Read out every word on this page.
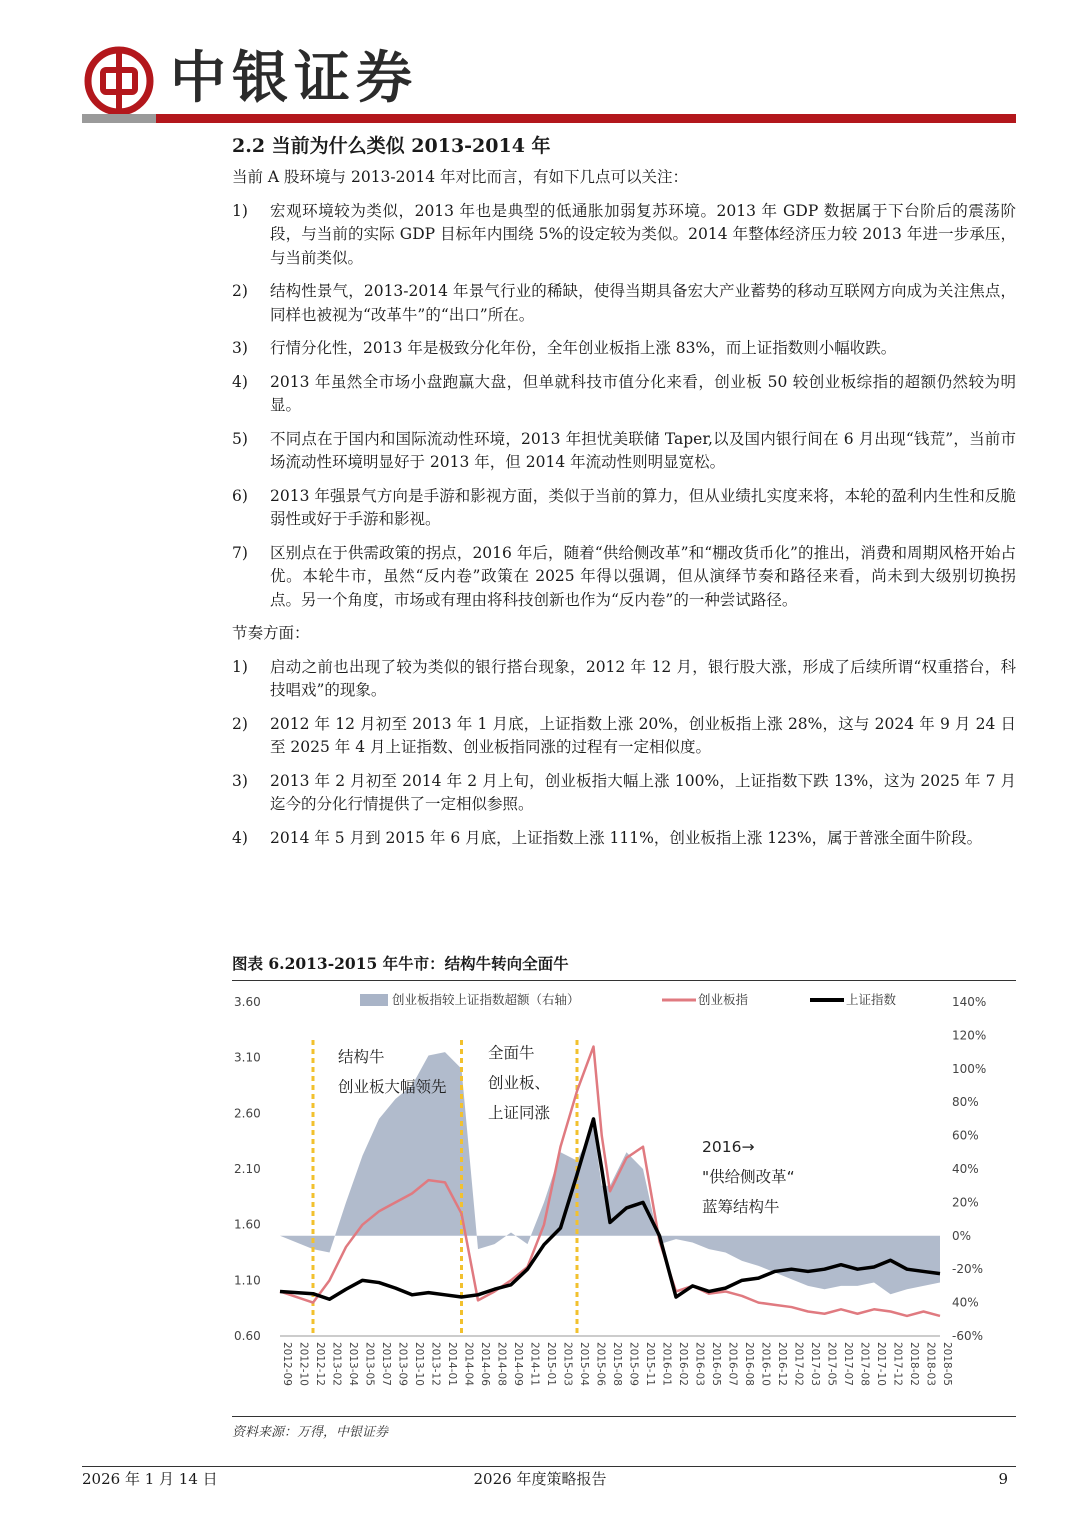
中银证券
2.2 当前为什么类似 2013-2014 年
当前 A 股环境与 2013-2014 年对比而言，有如下几点可以关注：
1) 宏观环境较为类似，2013 年也是典型的低通胀加弱复苏环境。2013 年 GDP 数据属于下台阶后的震荡阶段，与当前的实际 GDP 目标年内围绕 5%的设定较为类似。2014 年整体经济压力较 2013 年进一步承压，与当前类似。
2) 结构性景气，2013-2014 年景气行业的稀缺，使得当期具备宏大产业蓄势的移动互联网方向成为关注焦点，同样也被视为“改革牛”的“出口”所在。
3) 行情分化性，2013 年是极致分化年份，全年创业板指上涨 83%，而上证指数则小幅收跌。
4) 2013 年虽然全市场小盘跑赢大盘，但单就科技市值分化来看，创业板 50 较创业板综指的超额仍然较为明显。
5) 不同点在于国内和国际流动性环境，2013 年担忧美联储 Taper,以及国内银行间在 6 月出现“钱荒”，当前市场流动性环境明显好于 2013 年，但 2014 年流动性则明显宽松。
6) 2013 年强景气方向是手游和影视方面，类似于当前的算力，但从业绩扎实度来将，本轮的盈利内生性和反脆弱性或好于手游和影视。
7) 区别点在于供需政策的拐点，2016 年后，随着“供给侧改革”和“棚改货币化”的推出，消费和周期风格开始占优。本轮牛市，虽然“反内卷”政策在 2025 年得以强调，但从演绎节奏和路径来看，尚未到大级别切换拐点。另一个角度，市场或有理由将科技创新也作为“反内卷”的一种尝试路径。
节奏方面：
1) 启动之前也出现了较为类似的银行搭台现象，2012 年 12 月，银行股大涨，形成了后续所谓“权重搭台，科技唱戏”的现象。
2) 2012 年 12 月初至 2013 年 1 月底，上证指数上涨 20%，创业板指上涨 28%，这与 2024 年 9 月 24 日至 2025 年 4 月上证指数、创业板指同涨的过程有一定相似度。
3) 2013 年 2 月初至 2014 年 2 月上旬，创业板指大幅上涨 100%，上证指数下跌 13%，这为 2025 年 7 月迄今的分化行情提供了一定相似参照。
4) 2014 年 5 月到 2015 年 6 月底，上证指数上涨 111%，创业板指上涨 123%，属于普涨全面牛阶段。
图表 6.2013-2015 年牛市：结构牛转向全面牛
0.60
1.10
1.60
2.10
2.60
3.10
3.60
-60%
40%
-20%
0%
20%
40%
60%
80%
100%
120%
140%
2012-09 2012-10 2012-12 2013-02 2013-04 2013-05 2013-07 2013-09 2013-10 2013-12 2014-01 2014-04 2014-06 2014-08 2014-09 2014-11 2015-01 2015-03 2015-04 2015-06 2015-08 2015-09 2015-11 2016-01 2016-02 2016-03 2016-05 2016-07 2016-08 2016-10 2016-12 2017-02 2017-03 2017-05 2017-07 2017-08 2017-10 2017-12 2018-02 2018-03 2018-05
创业板指较上证指数超额（右轴）	创业板指	上证指数
结构牛
创业板大幅领先
全面牛
创业板、
上证同涨
2016→
"供给侧改革“
蓝筹结构牛
资料来源：万得，中银证券
2026 年 1 月 14 日	2026 年度策略报告	9
